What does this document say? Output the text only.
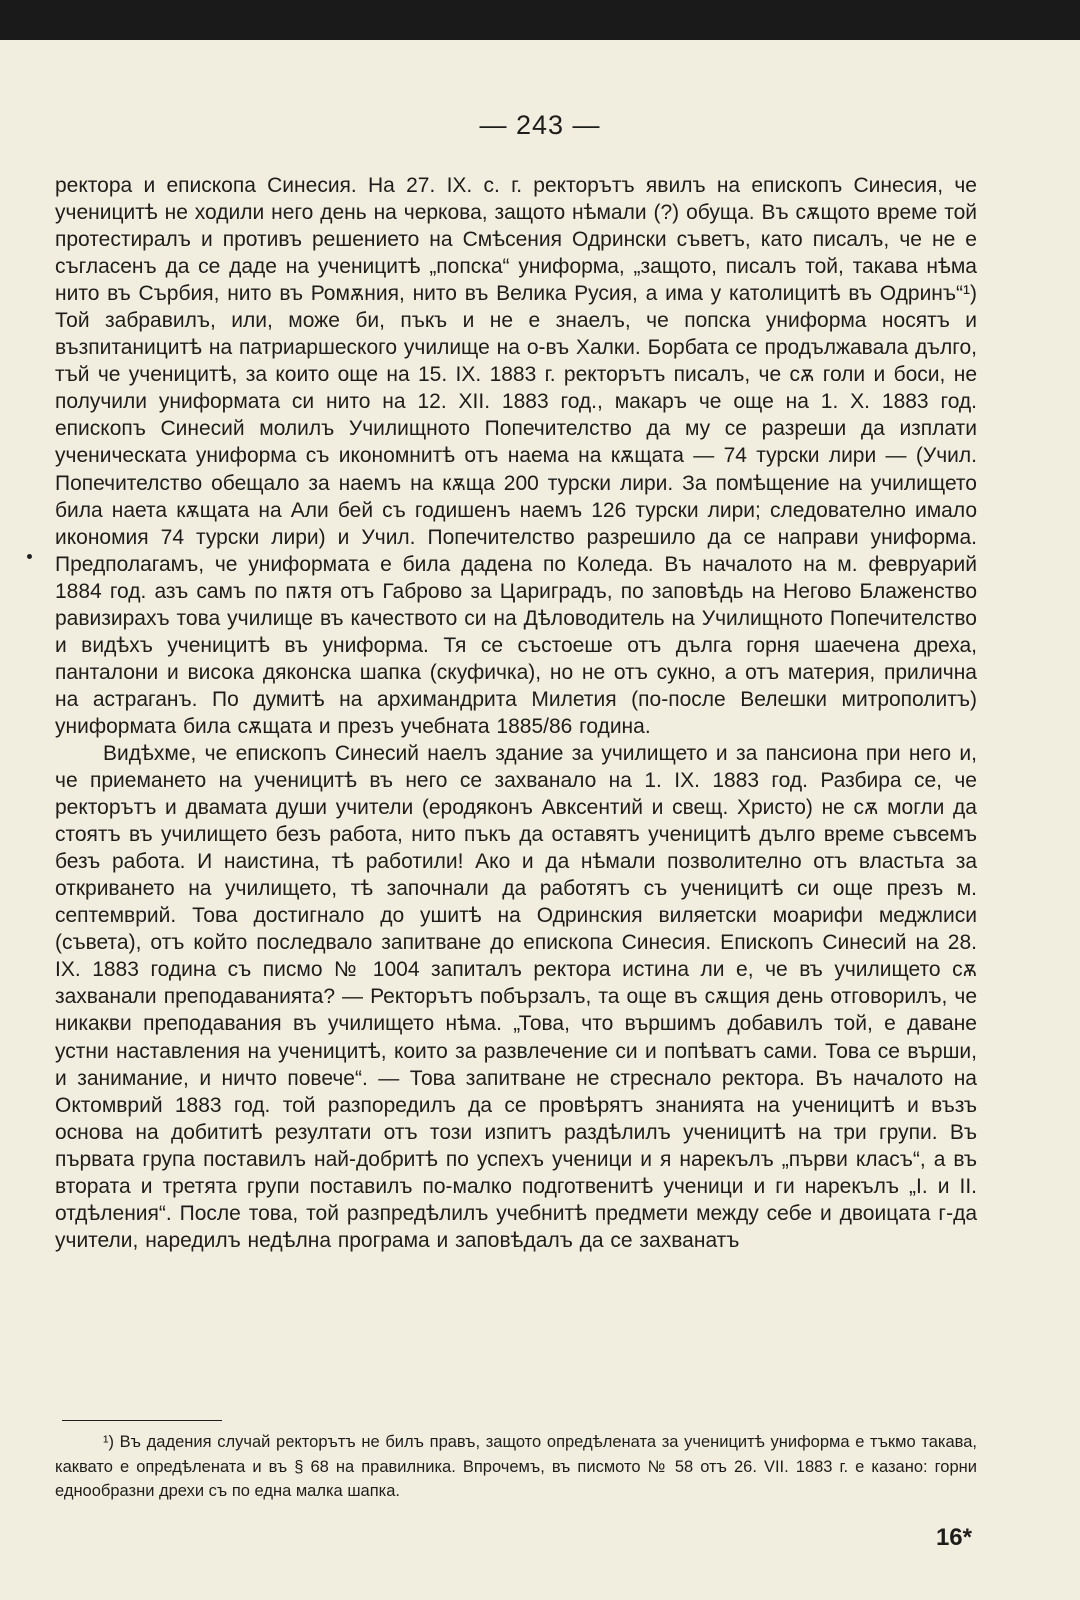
— 243 —

ректора и епископа Синесия. На 27. IX. с. г. ректорътъ явилъ на епископъ Синесия, че ученицитѣ не ходили него день на черкова, защото нѣмали (?) обуща. Въ сѫщото време той протестиралъ и противъ решението на Смѣсения Одрински съветъ, като писалъ, че не е съгласенъ да се даде на ученицитѣ „попска“ униформа, „защото, писалъ той, такава нѣма нито въ Сърбия, нито въ Ромѫния, нито въ Велика Русия, а има у католицитѣ въ Одринъ“¹) Той забравилъ, или, може би, пъкъ и не е знаелъ, че попска униформа носятъ и възпитаницитѣ на патриаршеского училище на о-въ Халки. Борбата се продължавала дълго, тъй че ученицитѣ, за които още на 15. IX. 1883 г. ректорътъ писалъ, че сѫ голи и боси, не получили униформата си нито на 12. XII. 1883 год., макаръ че още на 1. X. 1883 год. епископъ Синесий молилъ Училищното Попечителство да му се разреши да изплати ученическата униформа съ икономнитѣ отъ наема на кѫщата — 74 турски лири — (Учил. Попечителство обещало за наемъ на кѫща 200 турски лири. За помѣщение на училището била наета кѫщата на Али бей съ годишенъ наемъ 126 турски лири; следователно имало икономия 74 турски лири) и Учил. Попечителство разрешило да се направи униформа. Предполагамъ, че униформата е била дадена по Коледа. Въ началото на м. февруарий 1884 год. азъ самъ по пѫтя отъ Габрово за Цариградъ, по заповѣдь на Негово Блаженство равизирахъ това училище въ качеството си на Дѣловодитель на Училищното Попечителство и видѣхъ ученицитѣ въ униформа. Тя се състоеше отъ дълга горня шаечена дреха, панталони и висока дяконска шапка (скуфичка), но не отъ сукно, а отъ материя, прилична на астраганъ. По думитѣ на архимандрита Милетия (по-после Велешки митрополитъ) униформата била сѫщата и презъ учебната 1885/86 година.

Видѣхме, че епископъ Синесий наелъ здание за училището и за пансиона при него и, че приемането на ученицитѣ въ него се захванало на 1. IX. 1883 год. Разбира се, че ректорътъ и двамата души учители (еродяконъ Авксентий и свещ. Христо) не сѫ могли да стоятъ въ училището безъ работа, нито пъкъ да оставятъ ученицитѣ дълго време съвсемъ безъ работа. И наистина, тѣ работили! Ако и да нѣмали позволително отъ властьта за откриването на училището, тѣ започнали да работятъ съ ученицитѣ си още презъ м. септемврий. Това достигнало до ушитѣ на Одринския виляетски моарифи меджлиси (съвета), отъ който последвало запитване до епископа Синесия. Епископъ Синесий на 28. IX. 1883 година съ писмо № 1004 запиталъ ректора истина ли е, че въ училището сѫ захванали преподаванията? — Ректорътъ побързалъ, та още въ сѫщия день отговорилъ, че никакви преподавания въ училището нѣма. „Това, что вършимъ добавилъ той, е даване устни наставления на ученицитѣ, които за развлечение си и попѣватъ сами. Това се върши, и занимание, и ничто повече“. — Това запитване не стреснало ректора. Въ началото на Октомврий 1883 год. той разпоредилъ да се провѣрятъ знанията на ученицитѣ и възъ основа на добититѣ резултати отъ този изпитъ раздѣлилъ ученицитѣ на три групи. Въ първата група поставилъ най-добритѣ по успехъ ученици и я нарекълъ „първи класъ“, а въ втората и третята групи поставилъ по-малко подготвенитѣ ученици и ги нарекълъ „I. и II. отдѣления“. После това, той разпредѣлилъ учебнитѣ предмети между себе и двоицата г-да учители, наредилъ недѣлна програма и заповѣдалъ да се захванатъ

¹) Въ дадения случай ректорътъ не билъ правъ, защото опредѣлената за ученицитѣ униформа е тъкмо такава, каквато е опредѣлената и въ § 68 на правилника. Впрочемъ, въ писмото № 58 отъ 26. VII. 1883 г. е казано: горни еднообразни дрехи съ по една малка шапка.

16*
